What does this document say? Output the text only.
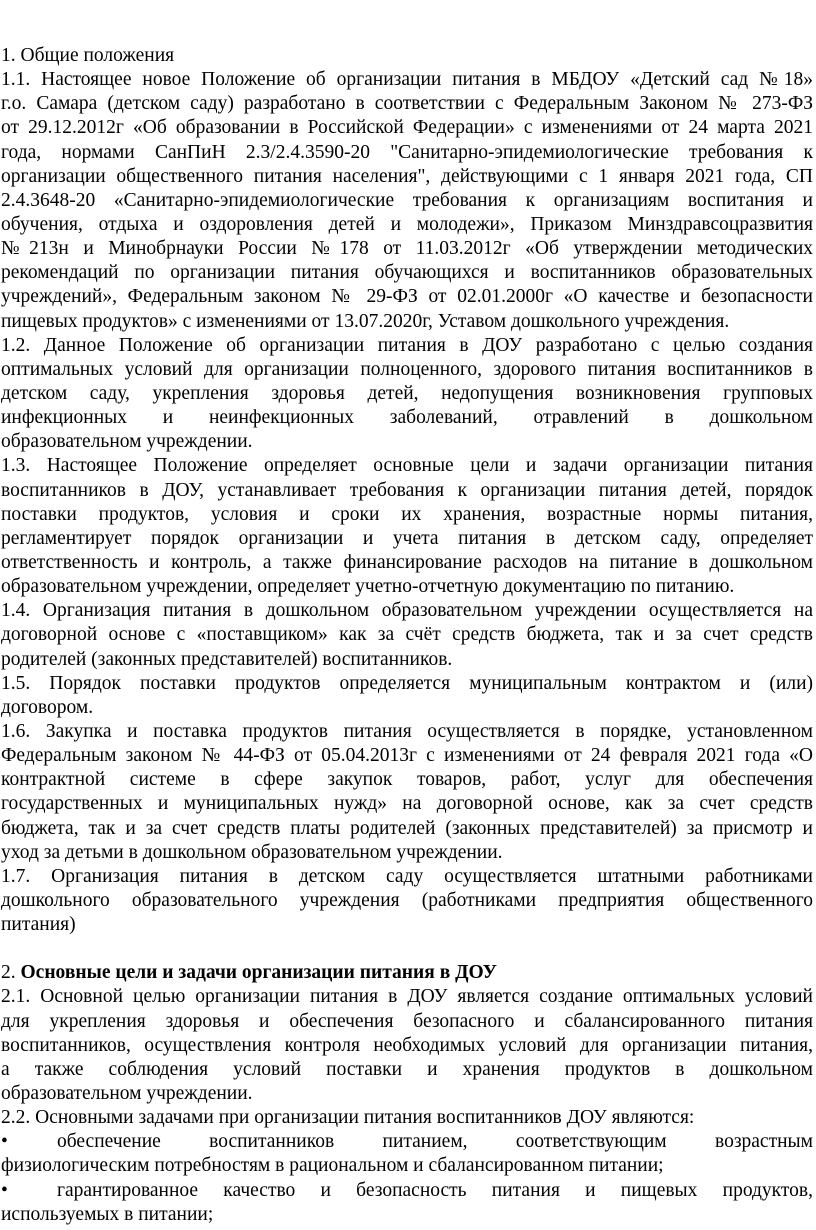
1. Общие положения
1.1. Настоящее новое Положение об организации питания в МБДОУ «Детский сад №18»
г.о. Самара (детском саду) разработано в соответствии с Федеральным Законом № 273-ФЗ
от 29.12.2012г «Об образовании в Российской Федерации» с изменениями от 24 марта 2021
года, нормами СанПиН 2.3/2.4.3590-20 "Санитарно-эпидемиологические требования к
организации общественного питания населения", действующими с 1 января 2021 года, СП
2.4.3648-20 «Санитарно-эпидемиологические требования к организациям воспитания и
обучения, отдыха и оздоровления детей и молодежи», Приказом Минздравсоцразвития
№213н и Минобрнауки России №178 от 11.03.2012г «Об утверждении методических
рекомендаций по организации питания обучающихся и воспитанников образовательных
учреждений», Федеральным законом № 29-ФЗ от 02.01.2000г «О качестве и безопасности
пищевых продуктов» с изменениями от 13.07.2020г, Уставом дошкольного учреждения.
1.2. Данное Положение об организации питания в ДОУ разработано с целью создания
оптимальных условий для организации полноценного, здорового питания воспитанников в
детском саду, укрепления здоровья детей, недопущения возникновения групповых
инфекционных и неинфекционных заболеваний, отравлений в дошкольном
образовательном учреждении.
1.3. Настоящее Положение определяет основные цели и задачи организации питания
воспитанников в ДОУ, устанавливает требования к организации питания детей, порядок
поставки продуктов, условия и сроки их хранения, возрастные нормы питания,
регламентирует порядок организации и учета питания в детском саду, определяет
ответственность и контроль, а также финансирование расходов на питание в дошкольном
образовательном учреждении, определяет учетно-отчетную документацию по питанию.
1.4. Организация питания в дошкольном образовательном учреждении осуществляется на
договорной основе с «поставщиком» как за счёт средств бюджета, так и за счет средств
родителей (законных представителей) воспитанников.
1.5. Порядок поставки продуктов определяется муниципальным контрактом и (или)
договором.
1.6. Закупка и поставка продуктов питания осуществляется в порядке, установленном
Федеральным законом № 44-ФЗ от 05.04.2013г с изменениями от 24 февраля 2021 года «О
контрактной системе в сфере закупок товаров, работ, услуг для обеспечения
государственных и муниципальных нужд» на договорной основе, как за счет средств
бюджета, так и за счет средств платы родителей (законных представителей) за присмотр и
уход за детьми в дошкольном образовательном учреждении.
1.7. Организация питания в детском саду осуществляется штатными работниками
дошкольного образовательного учреждения (работниками предприятия общественного
питания)
2. Основные цели и задачи организации питания в ДОУ
2.1. Основной целью организации питания в ДОУ является создание оптимальных условий
для укрепления здоровья и обеспечения безопасного и сбалансированного питания
воспитанников, осуществления контроля необходимых условий для организации питания,
а также соблюдения условий поставки и хранения продуктов в дошкольном
образовательном учреждении.
2.2. Основными задачами при организации питания воспитанников ДОУ являются:
•	обеспечение воспитанников питанием, соответствующим возрастным
физиологическим потребностям в рациональном и сбалансированном питании;
•	гарантированное качество и безопасность питания и пищевых продуктов,
используемых в питании;
